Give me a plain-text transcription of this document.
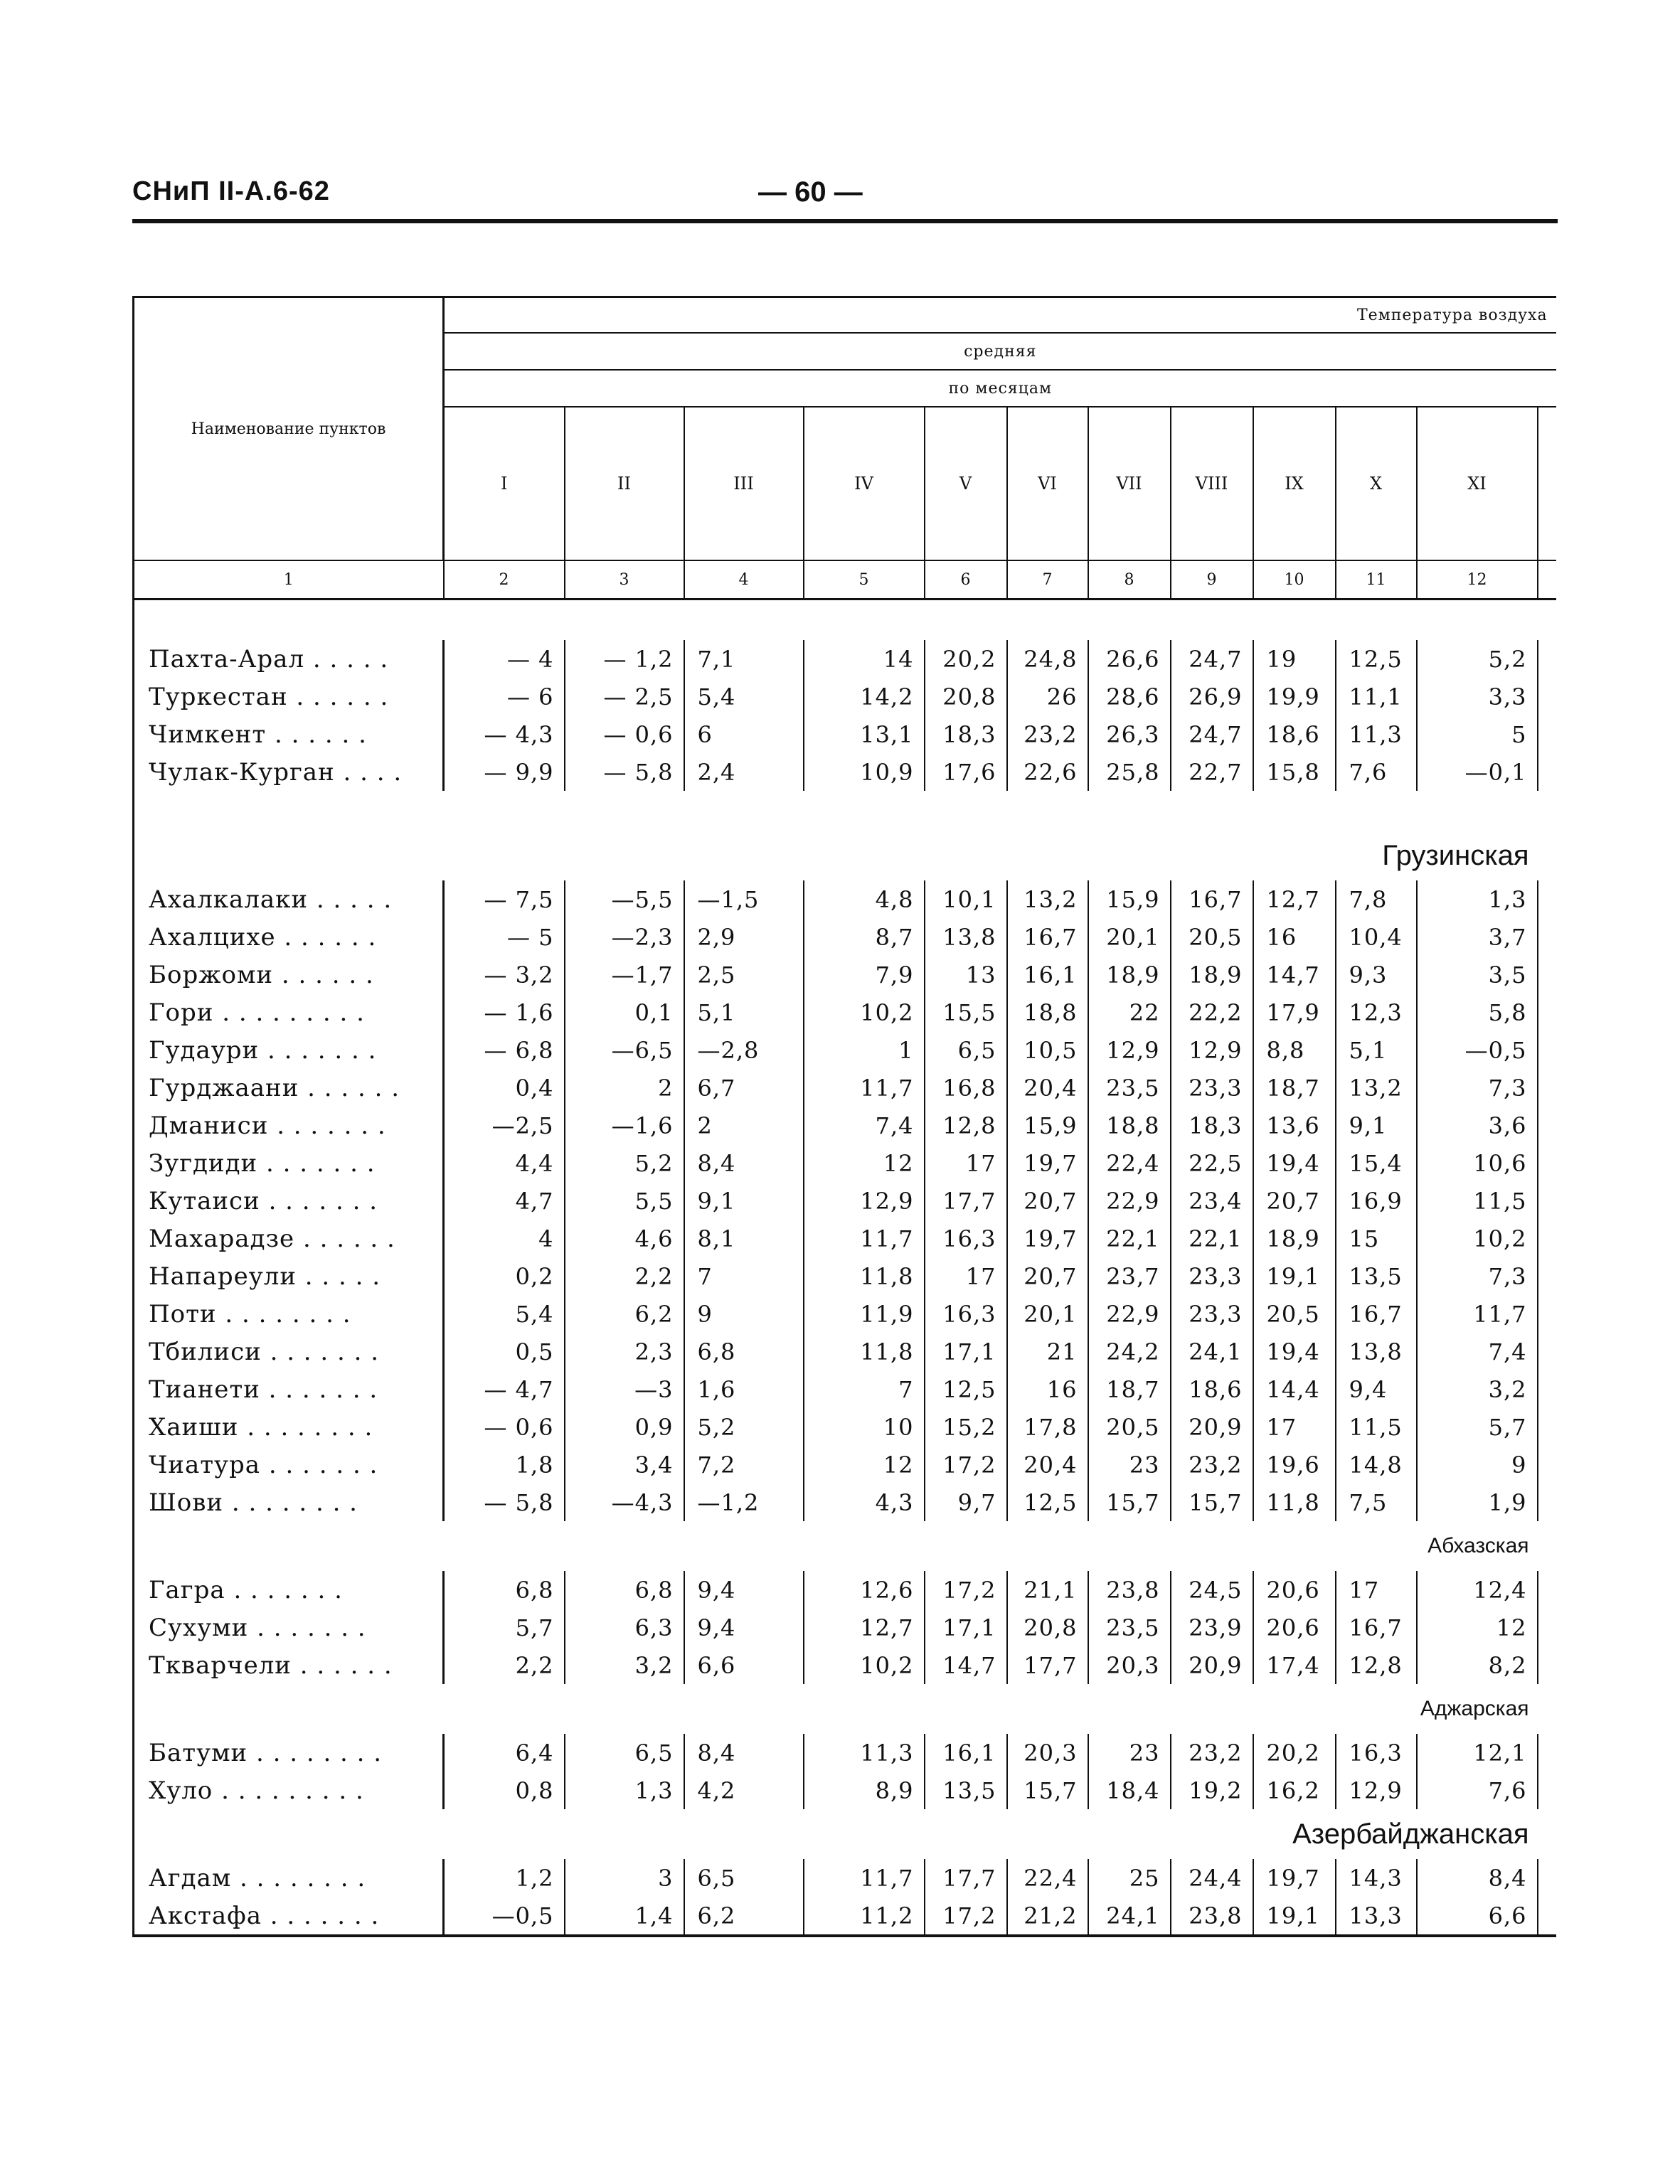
СНиП II-А.6-62	— 60 —
Наименование пунктов	Температура воздуха											
	средняя											
	по месяцам											
	I	II	III	IV	V	VI	VII	VIII	IX	X	XI	
1	2	3	4	5	6	7	8	9	10	11	12	

Пахта-Арал . . . . .	— 4	— 1,2	7,1	14	20,2	24,8	26,6	24,7	19	12,5	5,2	
Туркестан . . . . . .	— 6	— 2,5	5,4	14,2	20,8	26	28,6	26,9	19,9	11,1	3,3	
Чимкент . . . . . .	— 4,3	— 0,6	6	13,1	18,3	23,2	26,3	24,7	18,6	11,3	5	
Чулак-Курган . . . .	— 9,9	— 5,8	2,4	10,9	17,6	22,6	25,8	22,7	15,8	7,6	—0,1	

Грузинская												
Ахалкалаки . . . . .	— 7,5	—5,5	—1,5	4,8	10,1	13,2	15,9	16,7	12,7	7,8	1,3	
Ахалцихе . . . . . .	— 5	—2,3	2,9	8,7	13,8	16,7	20,1	20,5	16	10,4	3,7	
Боржоми . . . . . .	— 3,2	—1,7	2,5	7,9	13	16,1	18,9	18,9	14,7	9,3	3,5	
Гори . . . . . . . . .	— 1,6	0,1	5,1	10,2	15,5	18,8	22	22,2	17,9	12,3	5,8	
Гудаури . . . . . . .	— 6,8	—6,5	—2,8	1	6,5	10,5	12,9	12,9	8,8	5,1	—0,5	
Гурджаани . . . . . .	0,4	2	6,7	11,7	16,8	20,4	23,5	23,3	18,7	13,2	7,3	
Дманиси . . . . . . .	—2,5	—1,6	2	7,4	12,8	15,9	18,8	18,3	13,6	9,1	3,6	
Зугдиди . . . . . . .	4,4	5,2	8,4	12	17	19,7	22,4	22,5	19,4	15,4	10,6	
Кутаиси . . . . . . .	4,7	5,5	9,1	12,9	17,7	20,7	22,9	23,4	20,7	16,9	11,5	
Махарадзе . . . . . .	4	4,6	8,1	11,7	16,3	19,7	22,1	22,1	18,9	15	10,2	
Напареули . . . . .	0,2	2,2	7	11,8	17	20,7	23,7	23,3	19,1	13,5	7,3	
Поти . . . . . . . .	5,4	6,2	9	11,9	16,3	20,1	22,9	23,3	20,5	16,7	11,7	
Тбилиси . . . . . . .	0,5	2,3	6,8	11,8	17,1	21	24,2	24,1	19,4	13,8	7,4	
Тианети . . . . . . .	— 4,7	—3	1,6	7	12,5	16	18,7	18,6	14,4	9,4	3,2	
Хаиши . . . . . . . .	— 0,6	0,9	5,2	10	15,2	17,8	20,5	20,9	17	11,5	5,7	
Чиатура . . . . . . .	1,8	3,4	7,2	12	17,2	20,4	23	23,2	19,6	14,8	9	
Шови . . . . . . . .	— 5,8	—4,3	—1,2	4,3	9,7	12,5	15,7	15,7	11,8	7,5	1,9	
Абхазская												
Гагра . . . . . . .	6,8	6,8	9,4	12,6	17,2	21,1	23,8	24,5	20,6	17	12,4	
Сухуми . . . . . . .	5,7	6,3	9,4	12,7	17,1	20,8	23,5	23,9	20,6	16,7	12	
Ткварчели . . . . . .	2,2	3,2	6,6	10,2	14,7	17,7	20,3	20,9	17,4	12,8	8,2	
Аджарская												
Батуми . . . . . . . .	6,4	6,5	8,4	11,3	16,1	20,3	23	23,2	20,2	16,3	12,1	
Хуло . . . . . . . . .	0,8	1,3	4,2	8,9	13,5	15,7	18,4	19,2	16,2	12,9	7,6	
Азербайджанская												
Агдам . . . . . . . .	1,2	3	6,5	11,7	17,7	22,4	25	24,4	19,7	14,3	8,4	
Акстафа . . . . . . .	—0,5	1,4	6,2	11,2	17,2	21,2	24,1	23,8	19,1	13,3	6,6	
